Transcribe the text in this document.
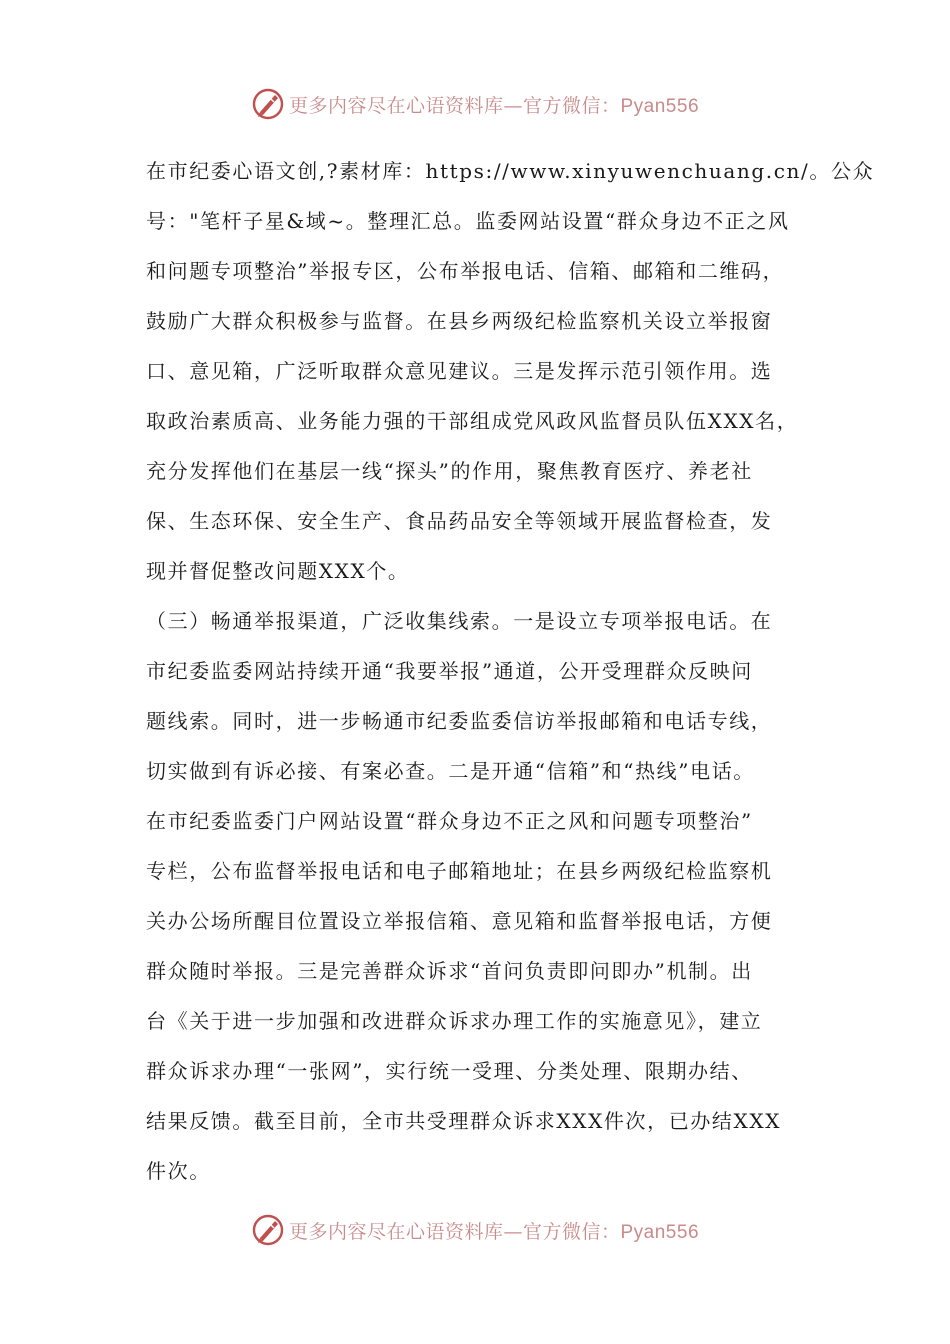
更多内容尽在心语资料库—官方微信：Pyan556
在市纪委心语文创,?素材库：https://www.xinyuwenchuang.cn/。公众
号："笔杆子星&域~。整理汇总。监委网站设置“群众身边不正之风
和问题专项整治”举报专区，公布举报电话、信箱、邮箱和二维码，
鼓励广大群众积极参与监督。在县乡两级纪检监察机关设立举报窗
口、意见箱，广泛听取群众意见建议。三是发挥示范引领作用。选
取政治素质高、业务能力强的干部组成党风政风监督员队伍XXX名，
充分发挥他们在基层一线“探头”的作用，聚焦教育医疗、养老社
保、生态环保、安全生产、食品药品安全等领域开展监督检查，发
现并督促整改问题XXX个。
（三）畅通举报渠道，广泛收集线索。一是设立专项举报电话。在
市纪委监委网站持续开通“我要举报”通道，公开受理群众反映问
题线索。同时，进一步畅通市纪委监委信访举报邮箱和电话专线，
切实做到有诉必接、有案必查。二是开通“信箱”和“热线”电话。
在市纪委监委门户网站设置“群众身边不正之风和问题专项整治”
专栏，公布监督举报电话和电子邮箱地址；在县乡两级纪检监察机
关办公场所醒目位置设立举报信箱、意见箱和监督举报电话，方便
群众随时举报。三是完善群众诉求“首问负责即问即办”机制。出
台《关于进一步加强和改进群众诉求办理工作的实施意见》，建立
群众诉求办理“一张网”，实行统一受理、分类处理、限期办结、
结果反馈。截至目前，全市共受理群众诉求XXX件次，已办结XXX
件次。
更多内容尽在心语资料库—官方微信：Pyan556
